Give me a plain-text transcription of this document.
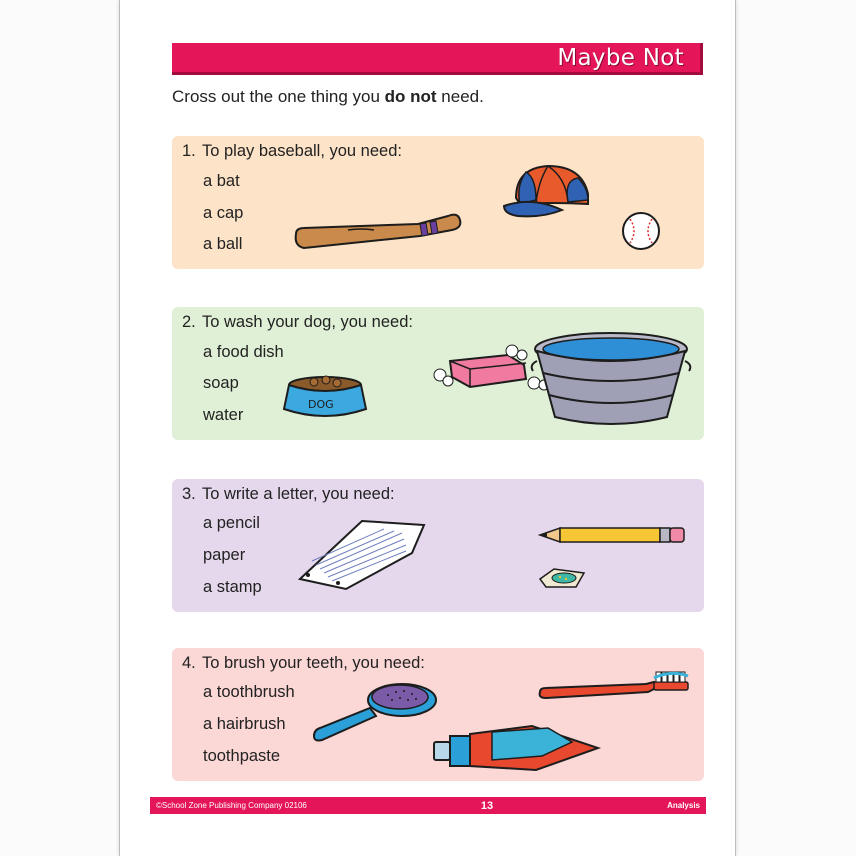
Maybe Not
Cross out the one thing you do not need.
1. To play baseball, you need:
a bat
a cap
a ball
2. To wash your dog, you need:
a food dish
soap
water
DOG
3. To write a letter, you need:
a pencil
paper
a stamp
4. To brush your teeth, you need:
a toothbrush
a hairbrush
toothpaste
©School Zone Publishing Company 02106	13	Analysis
